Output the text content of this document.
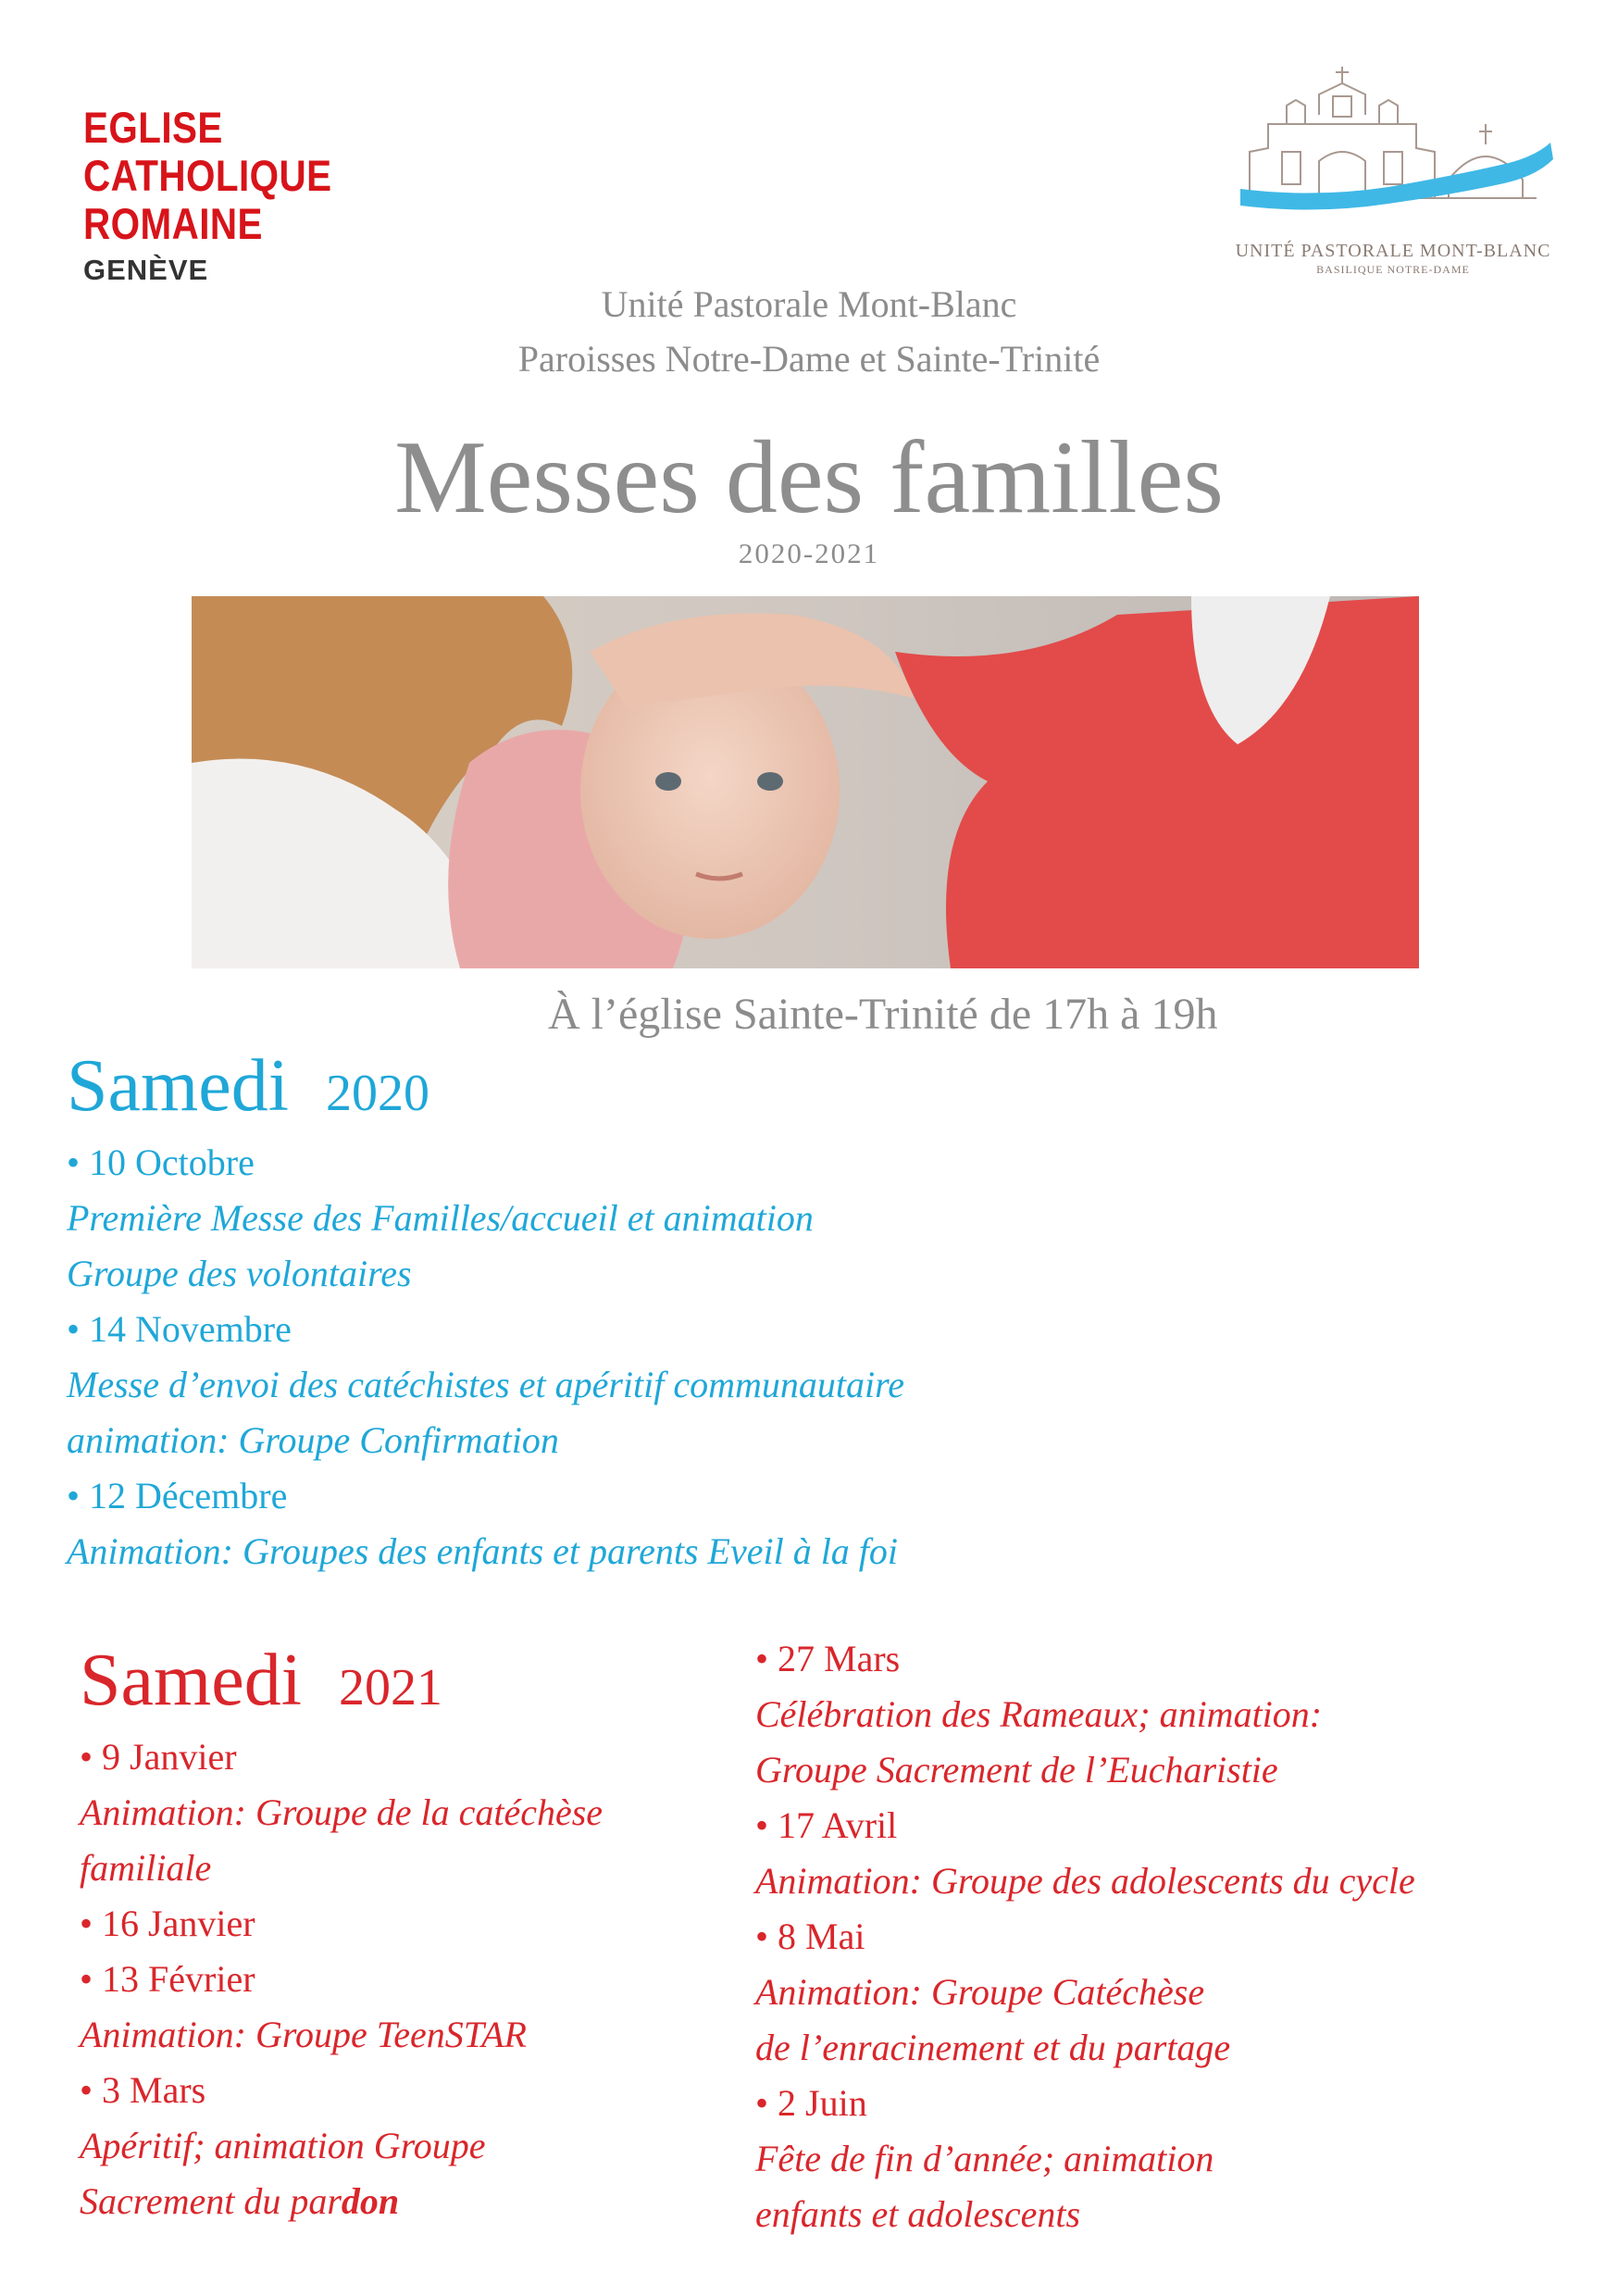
EGLISE
CATHOLIQUE
ROMAINE
GENÈVE
UNITÉ PASTORALE MONT-BLANC
BASILIQUE NOTRE-DAME
Unité Pastorale Mont-Blanc
Paroisses Notre-Dame et Sainte-Trinité
Messes des familles
2020-2021
À l’église Sainte-Trinité de 17h à 19h
Samedi 2020
• 10 Octobre
Première Messe des Familles/accueil et animation
Groupe des volontaires
• 14 Novembre
Messe d’envoi des catéchistes et apéritif communautaire
animation: Groupe Confirmation
• 12 Décembre
Animation: Groupes des enfants et parents Eveil à la foi
Samedi 2021
• 9 Janvier
Animation: Groupe de la catéchèse
familiale
• 16 Janvier
• 13 Février
Animation: Groupe TeenSTAR
• 3 Mars
Apéritif; animation Groupe
Sacrement du pardon
• 27 Mars
Célébration des Rameaux; animation:
Groupe Sacrement de l’Eucharistie
• 17 Avril
Animation: Groupe des adolescents du cycle
• 8 Mai
Animation: Groupe Catéchèse
de l’enracinement et du partage
• 2 Juin
Fête de fin d’année; animation
enfants et adolescents
